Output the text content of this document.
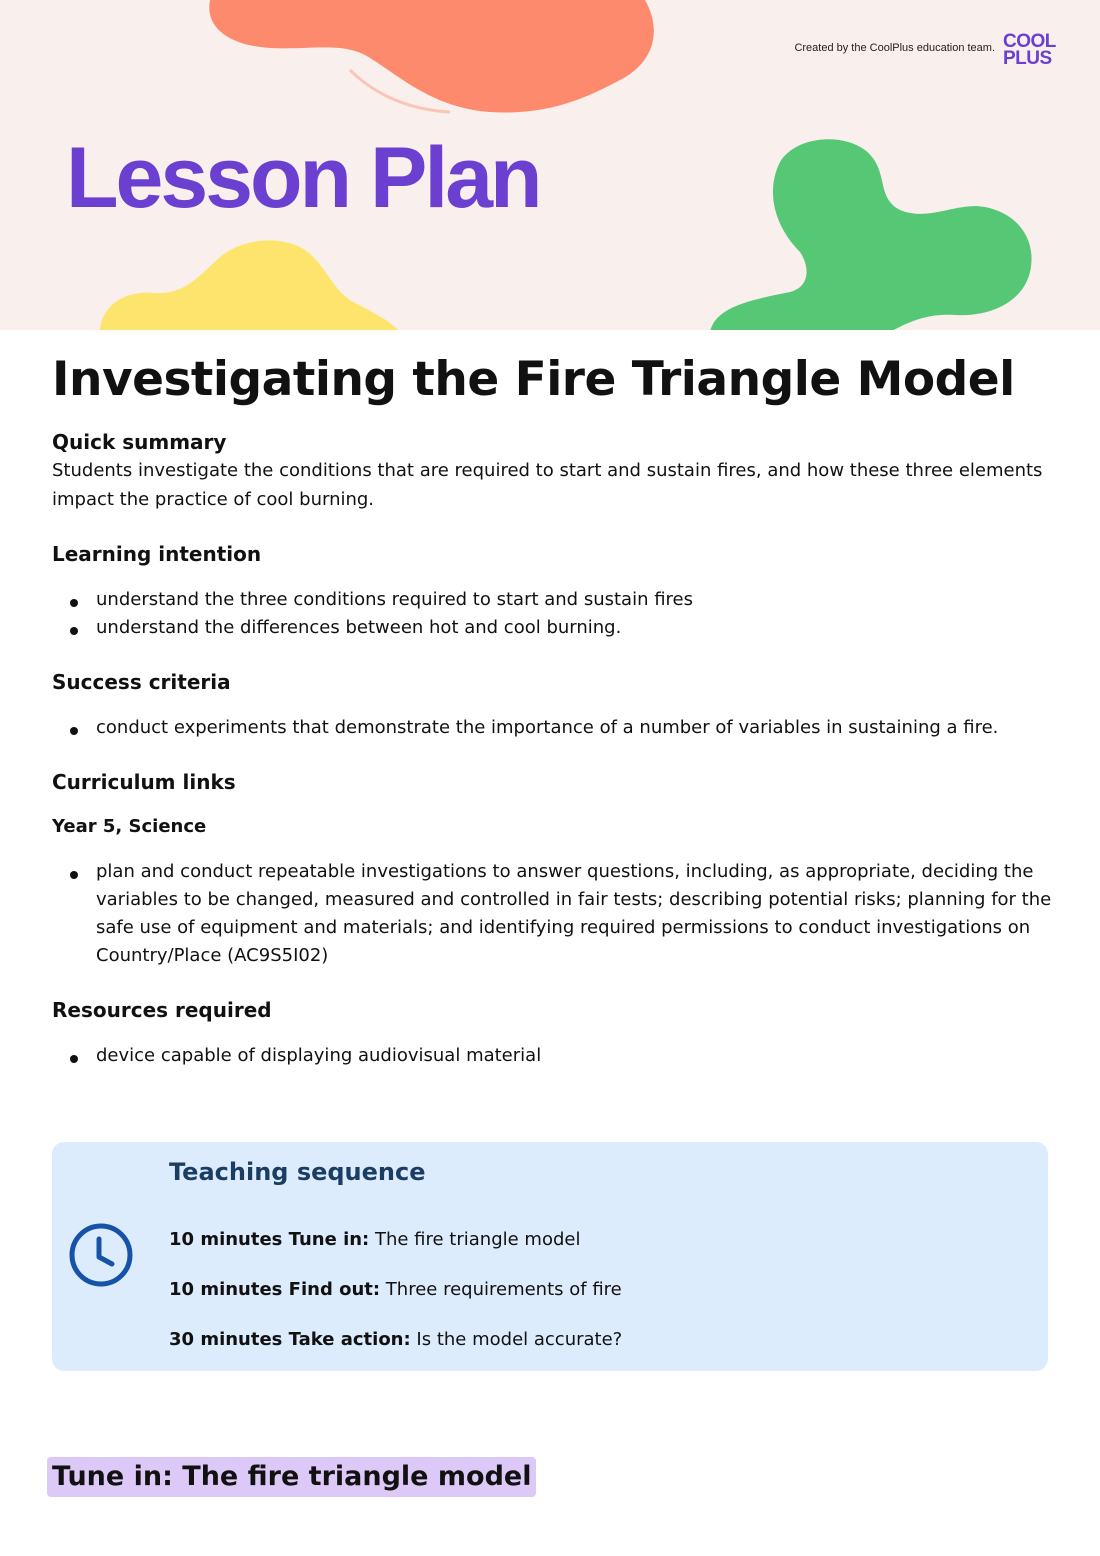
Created by the CoolPlus education team. COOL
PLUS
Lesson Plan
Investigating the Fire Triangle Model
Quick summary

Students investigate the conditions that are required to start and sustain fires, and how these three elements impact the practice of cool burning.

Learning intention
understand the three conditions required to start and sustain fires
understand the differences between hot and cool burning.
Success criteria
conduct experiments that demonstrate the importance of a number of variables in sustaining a fire.
Curriculum links
Year 5, Science
plan and conduct repeatable investigations to answer questions, including, as appropriate, deciding the variables to be changed, measured and controlled in fair tests; describing potential risks; planning for the safe use of equipment and materials; and identifying required permissions to conduct investigations on Country/Place (AC9S5I02)
Resources required
device capable of displaying audiovisual material
Teaching sequence
10 minutes Tune in: The fire triangle model
10 minutes Find out: Three requirements of fire
30 minutes Take action: Is the model accurate?
Tune in: The fire triangle model
